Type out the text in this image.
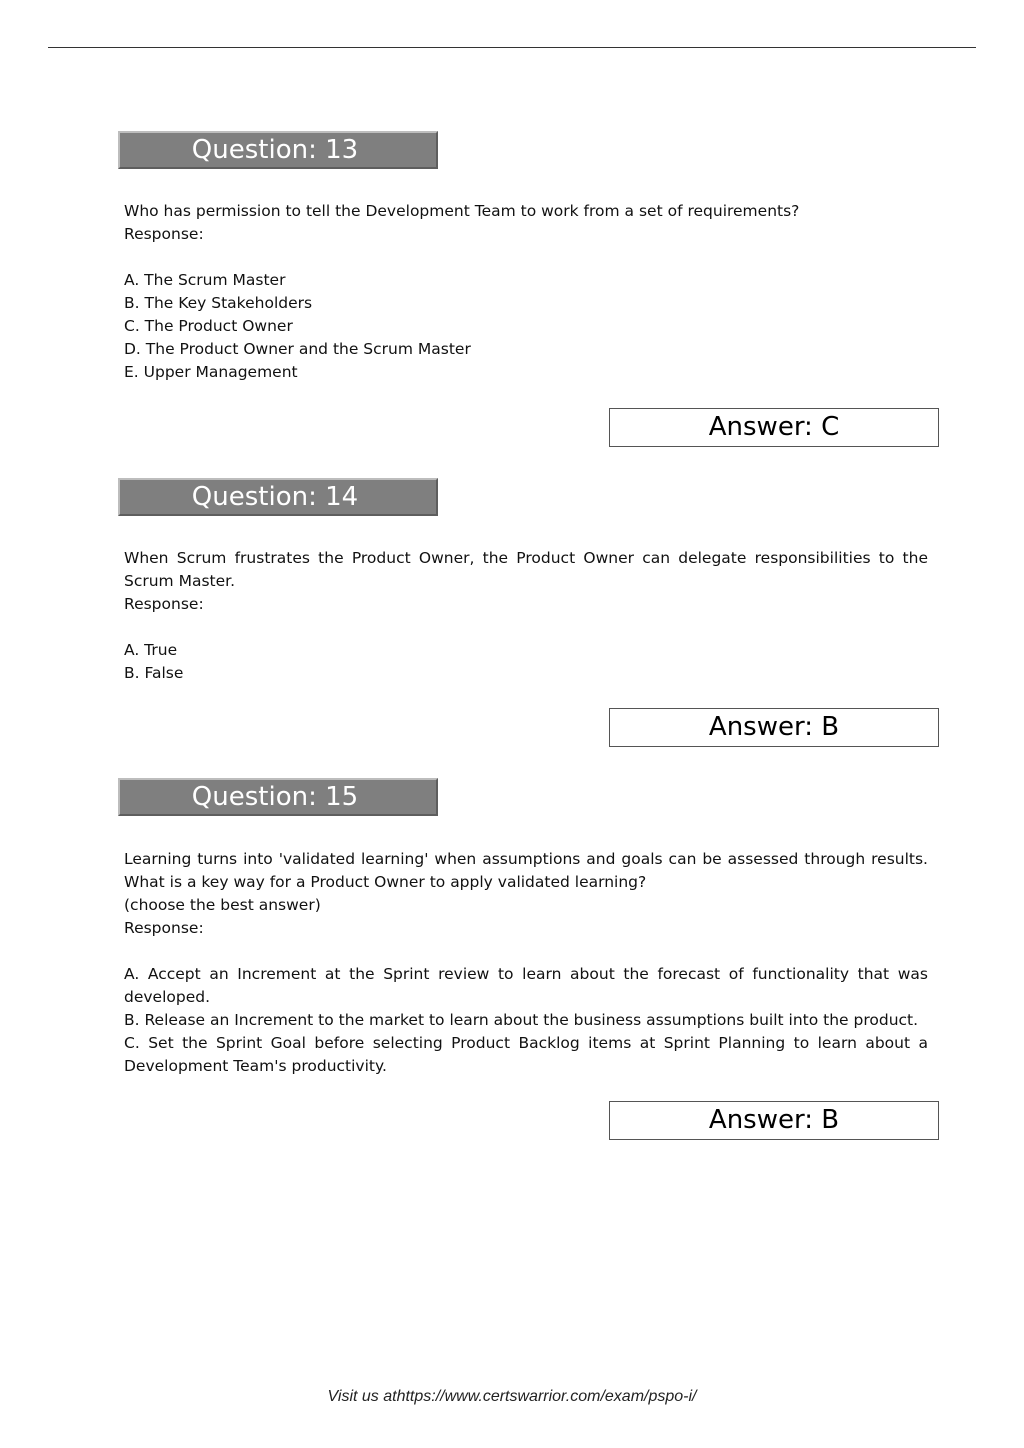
Question: 13

Who has permission to tell the Development Team to work from a set of requirements?

Response:

A. The Scrum Master

B. The Key Stakeholders

C. The Product Owner

D. The Product Owner and the Scrum Master

E. Upper Management

Answer: C
Question: 14

When Scrum frustrates the Product Owner, the Product Owner can delegate responsibilities to the Scrum Master.

Response:

A. True

B. False

Answer: B
Question: 15

Learning turns into 'validated learning' when assumptions and goals can be assessed through results. What is a key way for a Product Owner to apply validated learning?

(choose the best answer)

Response:

A. Accept an Increment at the Sprint review to learn about the forecast of functionality that was developed.

B. Release an Increment to the market to learn about the business assumptions built into the product.

C. Set the Sprint Goal before selecting Product Backlog items at Sprint Planning to learn about a Development Team's productivity.

Answer: B
Visit us athttps://www.certswarrior.com/exam/pspo-i/
